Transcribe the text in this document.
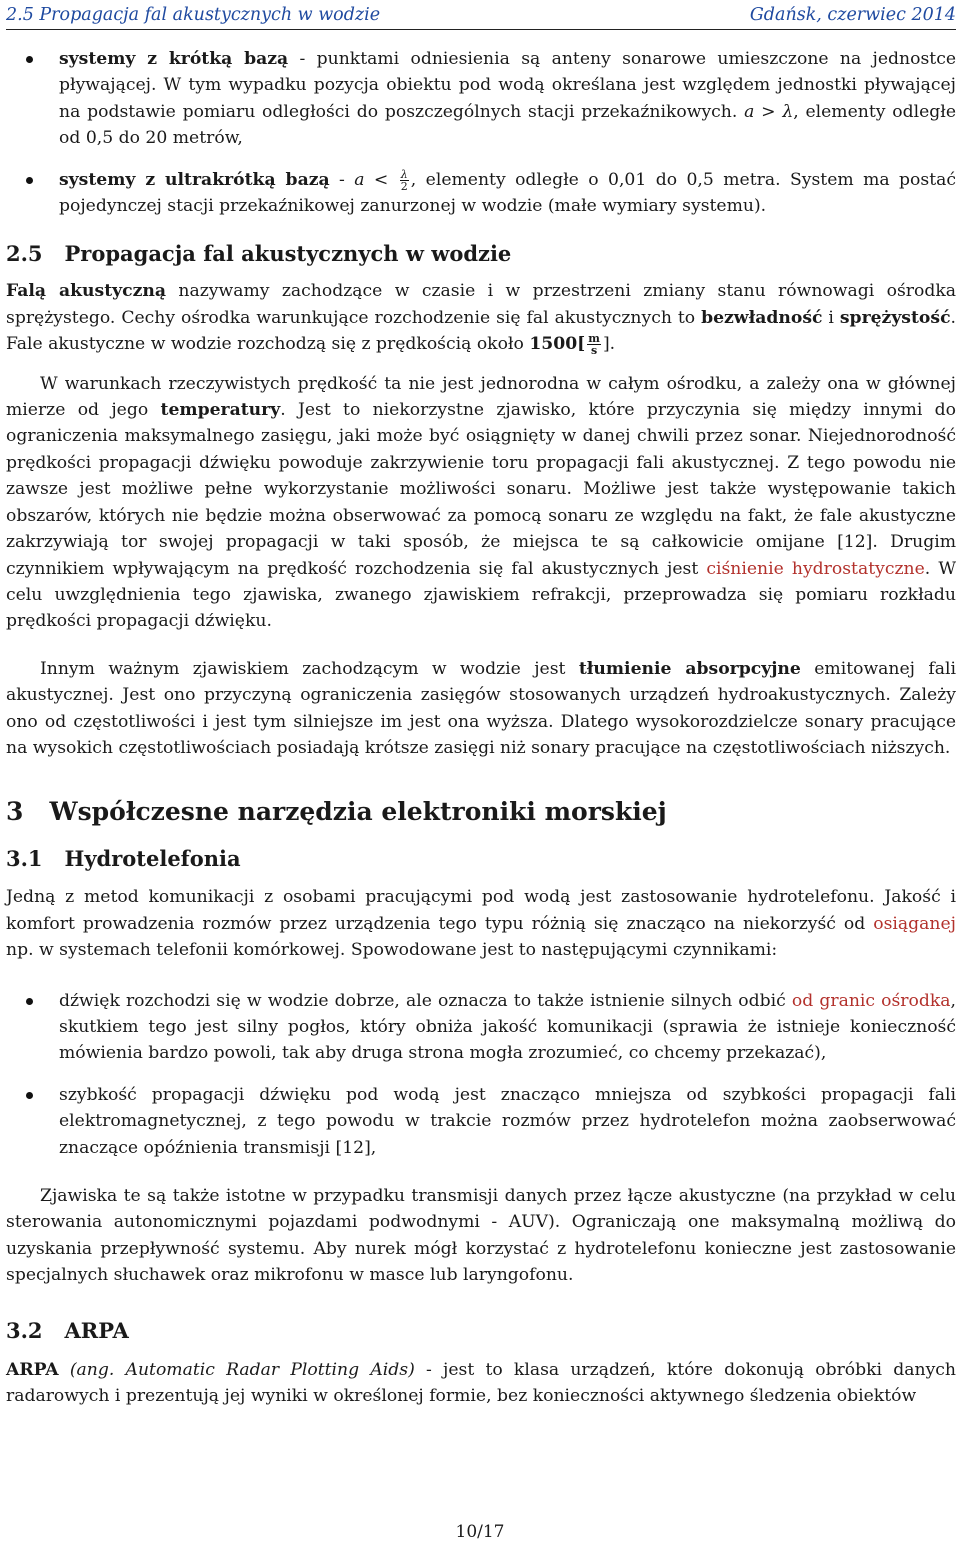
2.5 Propagacja fal akustycznych w wodzie	Gdańsk, czerwiec 2014
systemy z krótką bazą - punktami odniesienia są anteny sonarowe umieszczone na jednostce pływającej. W tym wypadku pozycja obiektu pod wodą określana jest względem jednostki pływającej na podstawie pomiaru odległości do poszczególnych stacji przekaźnikowych. a > λ, elementy odległe od 0,5 do 20 metrów,
systemy z ultrakrótką bazą - $a < \frac{\lambda}{2}$ , elementy odległe o 0,01 do 0,5 metra. System ma postać pojedynczej stacji przekaźnikowej zanurzonej w wodzie (małe wymiary systemu).
2.5 Propagacja fal akustycznych w wodzie

Falą akustyczną nazywamy zachodzące w czasie i w przestrzeni zmiany stanu równowagi ośrodka sprężystego. Cechy ośrodka warunkujące rozchodzenie się fal akustycznych to bezwładność i sprężystość. Fale akustyczne w wodzie rozchodzą się z prędkością około $1500[ \frac{m}{s}$ ].

W warunkach rzeczywistych prędkość ta nie jest jednorodna w całym ośrodku, a zależy ona w głównej mierze od jego temperatury. Jest to niekorzystne zjawisko, które przyczynia się między innymi do ograniczenia maksymalnego zasięgu, jaki może być osiągnięty w danej chwili przez sonar. Niejednorodność prędkości propagacji dźwięku powoduje zakrzywienie toru propagacji fali akustycznej. Z tego powodu nie zawsze jest możliwe pełne wykorzystanie możliwości sonaru. Możliwe jest także występowanie takich obszarów, których nie będzie można obserwować za pomocą sonaru ze względu na fakt, że fale akustyczne zakrzywiają tor swojej propagacji w taki sposób, że miejsca te są całkowicie omijane [12]. Drugim czynnikiem wpływającym na prędkość rozchodzenia się fal akustycznych jest ciśnienie hydrostatyczne. W celu uwzględnienia tego zjawiska, zwanego zjawiskiem refrakcji, przeprowadza się pomiaru rozkładu prędkości propagacji dźwięku.

Innym ważnym zjawiskiem zachodzącym w wodzie jest tłumienie absorpcyjne emitowanej fali akustycznej. Jest ono przyczyną ograniczenia zasięgów stosowanych urządzeń hydroakustycznych. Zależy ono od częstotliwości i jest tym silniejsze im jest ona wyższa. Dlatego wysokorozdzielcze sonary pracujące na wysokich częstotliwościach posiadają krótsze zasięgi niż sonary pracujące na częstotliwościach niższych.

3 Współczesne narzędzia elektroniki morskiej
3.1 Hydrotelefonia

Jedną z metod komunikacji z osobami pracującymi pod wodą jest zastosowanie hydrotelefonu. Jakość i komfort prowadzenia rozmów przez urządzenia tego typu różnią się znacząco na niekorzyść od osiąganej np. w systemach telefonii komórkowej. Spowodowane jest to następującymi czynnikami:

dźwięk rozchodzi się w wodzie dobrze, ale oznacza to także istnienie silnych odbić od granic ośrodka, skutkiem tego jest silny pogłos, który obniża jakość komunikacji (sprawia że istnieje konieczność mówienia bardzo powoli, tak aby druga strona mogła zrozumieć, co chcemy przekazać),
szybkość propagacji dźwięku pod wodą jest znacząco mniejsza od szybkości propagacji fali elektromagnetycznej, z tego powodu w trakcie rozmów przez hydrotelefon można zaobserwować znaczące opóźnienia transmisji [12],

Zjawiska te są także istotne w przypadku transmisji danych przez łącze akustyczne (na przykład w celu sterowania autonomicznymi pojazdami podwodnymi - AUV). Ograniczają one maksymalną możliwą do uzyskania przepływność systemu. Aby nurek mógł korzystać z hydrotelefonu konieczne jest zastosowanie specjalnych słuchawek oraz mikrofonu w masce lub laryngofonu.

3.2 ARPA

ARPA (ang. Automatic Radar Plotting Aids) - jest to klasa urządzeń, które dokonują obróbki danych radarowych i prezentują jej wyniki w określonej formie, bez konieczności aktywnego śledzenia obiektów

10/17
